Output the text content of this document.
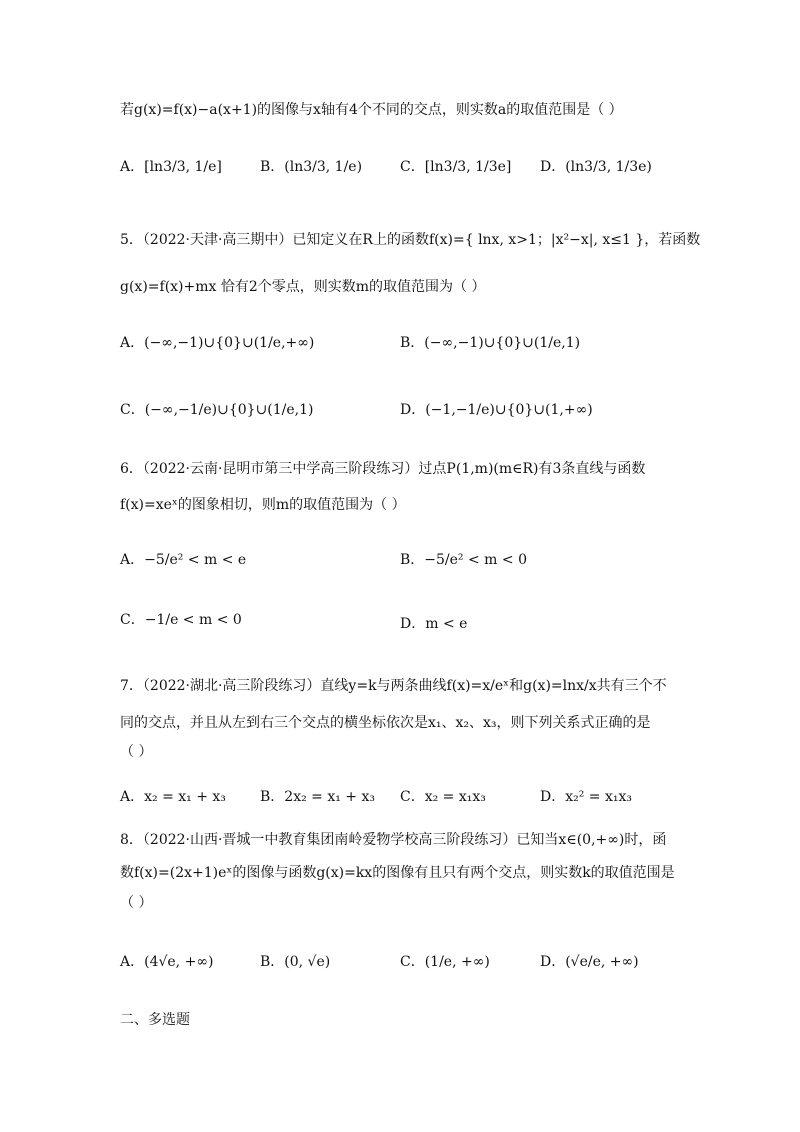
若g(x)=f(x)−a(x+1)的图像与x轴有4个不同的交点，则实数a的取值范围是（ ）
A．[ln3/3, 1/e]	B．(ln3/3, 1/e)	C．[ln3/3, 1/3e] D．(ln3/3, 1/3e)
5．（2022·天津·高三期中）已知定义在R上的函数f(x)={ lnx, x>1；|x²−x|, x≤1 }，若函数
g(x)=f(x)+mx 恰有2个零点，则实数m的取值范围为（ ）
A．(−∞,−1)∪{0}∪(1/e,+∞)	B．(−∞,−1)∪{0}∪(1/e,1)
C．(−∞,−1/e)∪{0}∪(1/e,1)	D．(−1,−1/e)∪{0}∪(1,+∞)
6．（2022·云南·昆明市第三中学高三阶段练习）过点P(1,m)(m∈R)有3条直线与函数
f(x)=xeˣ的图象相切，则m的取值范围为（ ）
A．−5/e² < m < e	B．−5/e² < m < 0
C．−1/e < m < 0	D．m < e
7．（2022·湖北·高三阶段练习）直线y=k与两条曲线f(x)=x/eˣ和g(x)=lnx/x共有三个不
同的交点，并且从左到右三个交点的横坐标依次是x₁、x₂、x₃，则下列关系式正确的是
（ ）
A．x₂ = x₁ + x₃ B．2x₂ = x₁ + x₃ C．x₂ = x₁x₃	D．x₂² = x₁x₃
8．（2022·山西·晋城一中教育集团南岭爱物学校高三阶段练习）已知当x∈(0,+∞)时，函
数f(x)=(2x+1)eˣ的图像与函数g(x)=kx的图像有且只有两个交点，则实数k的取值范围是
（ ）
A．(4√e, +∞)	B．(0, √e)	C．(1/e, +∞)	D．(√e/e, +∞)
二、多选题
